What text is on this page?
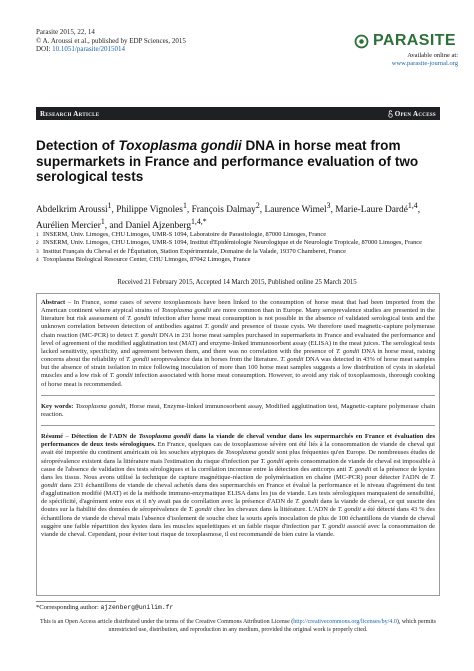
Parasite 2015, 22, 14
© A. Aroussi et al., published by EDP Sciences, 2015
DOI: 10.1051/parasite/2015014
PARASITE
Available online at:
www.parasite-journal.org
Research Article	Open Access
Detection of Toxoplasma gondii DNA in horse meat from supermarkets in France and performance evaluation of two serological tests
Abdelkrim Aroussi$^1$, Philippe Vignoles$^1$, François Dalmay$^2$, Laurence Wimel$^3$, Marie-Laure Dardé$^{1,4}$, Aurélien Mercier$^1$, and Daniel Ajzenberg$^{1,4,*}$
1 INSERM, Univ. Limoges, CHU Limoges, UMR-S 1094, Laboratoire de Parasitologie, 87000 Limoges, France
2 INSERM, Univ. Limoges, CHU Limoges, UMR-S 1094, Institut d'Epidémiologie Neurologique et de Neurologie Tropicale, 87000 Limoges, France
3 Institut Français du Cheval et de l'Équitation, Station Expérimentale, Domaine de la Valade, 19370 Chamberet, France
4 Toxoplasma Biological Resource Center, CHU Limoges, 87042 Limoges, France
Received 21 February 2015, Accepted 14 March 2015, Published online 25 March 2015

Abstract – In France, some cases of severe toxoplasmosis have been linked to the consumption of horse meat that had been imported from the American continent where atypical strains of Toxoplasma gondii are more common than in Europe. Many seroprevalence studies are presented in the literature but risk assessment of T. gondii infection after horse meat consumption is not possible in the absence of validated serological tests and the unknown correlation between detection of antibodies against T. gondii and presence of tissue cysts. We therefore used magnetic-capture polymerase chain reaction (MC-PCR) to detect T. gondii DNA in 231 horse meat samples purchased in supermarkets in France and evaluated the performance and level of agreement of the modified agglutination test (MAT) and enzyme-linked immunosorbent assay (ELISA) in the meat juices. The serological tests lacked sensitivity, specificity, and agreement between them, and there was no correlation with the presence of T. gondii DNA in horse meat, raising concerns about the reliability of T. gondii seroprevalence data in horses from the literature. T. gondii DNA was detected in 43% of horse meat samples but the absence of strain isolation in mice following inoculation of more than 100 horse meat samples suggests a low distribution of cysts in skeletal muscles and a low risk of T. gondii infection associated with horse meat consumption. However, to avoid any risk of toxoplasmosis, thorough cooking of horse meat is recommended.

Key words: Toxoplasma gondii, Horse meat, Enzyme-linked immunosorbent assay, Modified agglutination test, Magnetic-capture polymerase chain reaction.

Résumé – Détection de l'ADN de Toxoplasma gondii dans la viande de cheval vendue dans les supermarchés en France et évaluation des performances de deux tests sérologiques. En France, quelques cas de toxoplasmose sévère ont été liés à la consommation de viande de cheval qui avait été importée du continent américain où les souches atypiques de Toxoplasma gondii sont plus fréquentes qu'en Europe. De nombreuses études de séroprévalence existent dans la littérature mais l'estimation du risque d'infection par T. gondii après consommation de viande de cheval est impossible à cause de l'absence de validation des tests sérologiques et la corrélation inconnue entre la détection des anticorps anti T. gondii et la présence de kystes dans les tissus. Nous avons utilisé la technique de capture magnétique-réaction de polymérisation en chaîne (MC-PCR) pour détecter l'ADN de T. gondii dans 231 échantillons de viande de cheval achetés dans des supermarchés en France et évalué la performance et le niveau d'agrément du test d'agglutination modifié (MAT) et de la méthode immuno-enzymatique ELISA dans les jus de viande. Les tests sérologiques manquaient de sensibilité, de spécificité, d'agrément entre eux et il n'y avait pas de corrélation avec la présence d'ADN de T. gondii dans la viande de cheval, ce qui suscite des doutes sur la fiabilité des données de séroprévalence de T. gondii chez les chevaux dans la littérature. L'ADN de T. gondii a été détecté dans 43 % des échantillons de viande de cheval mais l'absence d'isolement de souche chez la souris après inoculation de plus de 100 échantillons de viande de cheval suggère une faible répartition des kystes dans les muscles squelettiques et un faible risque d'infection par T. gondii associé avec la consommation de viande de cheval. Cependant, pour éviter tout risque de toxoplasmose, il est recommandé de bien cuire la viande.

*Corresponding author: ajzenberg@unilim.fr
This is an Open Access article distributed under the terms of the Creative Commons Attribution License (http://creativecommons.org/licenses/by/4.0), which permits unrestricted use, distribution, and reproduction in any medium, provided the original work is properly cited.
